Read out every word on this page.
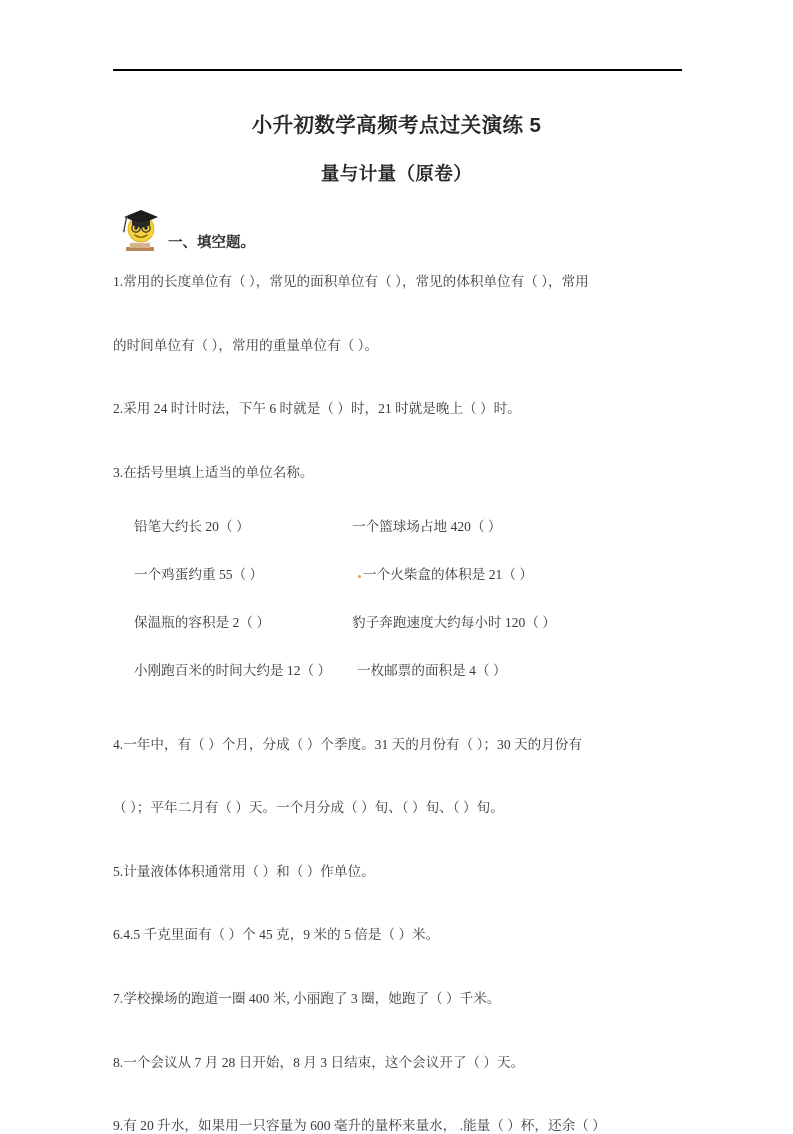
小升初数学高频考点过关演练 5
量与计量（原卷）
一、填空题。
1.常用的长度单位有（ ），常见的面积单位有（ ），常见的体积单位有（ ），常用
的时间单位有（ ），常用的重量单位有（ ）。
2.采用 24 时计时法，下午 6 时就是（ ）时，21 时就是晚上（ ）时。
3.在括号里填上适当的单位名称。
铅笔大约长 20（ ）	一个篮球场占地 420（ ）
一个鸡蛋约重 55（ ）	一个火柴盒的体积是 21（ ）
保温瓶的容积是 2（ ）	豹子奔跑速度大约每小时 120（ ）
小刚跑百米的时间大约是 12（ ） 一枚邮票的面积是 4（ ）
4.一年中，有（ ）个月，分成（ ）个季度。31 天的月份有（ ）；30 天的月份有
（ ）；平年二月有（ ）天。一个月分成（ ）旬、（ ）旬、（ ）旬。
5.计量液体体积通常用（ ）和（ ）作单位。
6.4.5 千克里面有（ ）个 45 克，9 米的 5 倍是（ ）米。
7.学校操场的跑道一圈 400 米, 小丽跑了 3 圈，她跑了（ ）千米。
8.一个会议从 7 月 28 日开始，8 月 3 日结束，这个会议开了（ ）天。
9.有 20 升水，如果用一只容量为 600 毫升的量杯来量水， .能量（ ）杯，还余（ ）
